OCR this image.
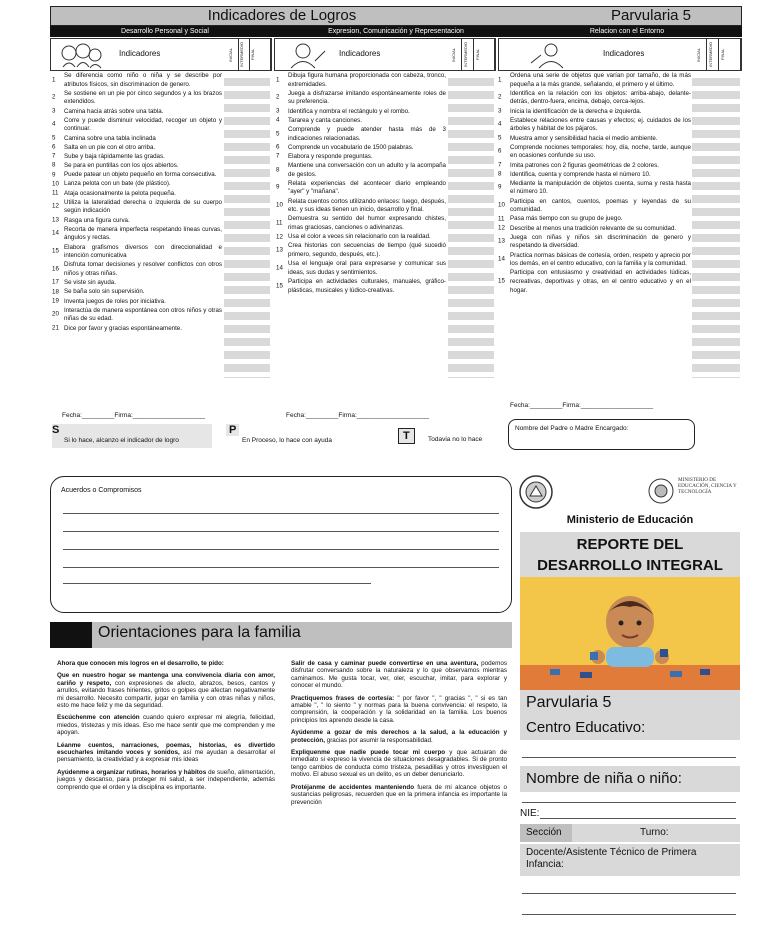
Indicadores de Logros	Parvularia 5
Desarrollo Personal y Social	Expresion, Comunicación y Representacion	Relacion con el Entorno
Indicadores	INICIAL	INTERMEDIO	FINAL	Indicadores	INICIAL	INTERMEDIO	FINAL	Indicadores	INICIAL	INTERMEDIO	FINAL
1
Se diferencia como niño o niña y se describe por atributos físicos, sin discriminacion de genero.
2
Se sostiene en un pie por cinco segundos y a los brazos extendidos.
3 Camina hacia atrás sobre una tabla.
4
Corre y puede disminuir velocidad, recoger un objeto y continuar.
5 Camina sobre una tabla inclinada
6 Salta en un pie con el otro arriba.
7 Sube y baja rápidamente las gradas.
8 Se para en puntillas con los ojos abiertos.
9 Puede patear un objeto pequeño en forma consecutiva.
10 Lanza pelota con un bate (de plástico).
11 Ataja ocasionalmente la pelota pequeña.
12
Utiliza la lateralidad derecha o izquierda de su cuerpo según indicación
13 Rasga una figura curva.
14
Recorta de manera imperfecta respetando líneas curvas, ángulos y rectas.
15
Elabora grafismos diversos con direccionalidad e intención comunicativa
16
Disfruta tomar decisiones y resolver conflictos con otros niños y otras niñas.
17 Se viste sin ayuda.
18 Se baña solo sin supervisión.
19 Inventa juegos de roles por iniciativa.
20
Interactúa de manera espontánea con otros niños y otras niñas de su edad.
21 Dice por favor y gracias espontáneamente.
1
Dibuja figura humana proporcionada con cabeza, tronco, extremidades.
2
Juega a disfrazarse imitando espontáneamente roles de su preferencia.
3 Identifica y nombra el rectángulo y el rombo.
4 Tararea y canta canciones.
5
Comprende y puede atender hasta más de 3 indicaciones relacionadas.
6 Comprende un vocabulario de 1500 palabras.
7 Elabora y responde preguntas.
8
Mantiene una conversación con un adulto y la acompaña de gestos.
9
Relata experiencias del acontecer diario empleando "ayer" y "mañana".
10
Relata cuentos cortos utilizando enlaces: luego, después, etc. y sus ideas tienen un inicio, desarrollo y final.
11
Demuestra su sentido del humor expresando chistes, rimas graciosas, canciones o adivinanzas.
12 Usa el color a veces sin relacionarlo con la realidad.
13
Crea historias con secuencias de tiempo (qué sucedió primero, segundo, después, etc.).
14
Usa el lenguaje oral para expresarse y comunicar sus ideas, sus dudas y sentimientos.
15
Participa en actividades culturales, manuales, gráfico-plásticas, musicales y lúdico-creativas.
1
Ordena una serie de objetos que varían por tamaño, de la más pequeña a la más grande, señalando, el primero y el último.
2
Identifica en la relación con los objetos: arriba-abajo, delante-detrás, dentro-fuera, encima, debajo, cerca-lejos.
3 Inicia la identificación de la derecha e izquierda.
4
Establece relaciones entre causas y efectos; ej. cuidados de los árboles y hábitat de los pájaros.
5 Muestra amor y sensibilidad hacia el medio ambiente.
6
Comprende nociones temporales: hoy, día, noche, tarde, aunque en ocasiones confunde su uso.
7 Imita patrones con 2 figuras geométricas de 2 colores.
8 Identifica, cuenta y comprende hasta el número 10.
9
Mediante la manipulación de objetos cuenta, suma y resta hasta el número 10.
10
Participa en cantos, cuentos, poemas y leyendas de su comunidad.
11 Pasa más tiempo con su grupo de juego.
12 Describe al menos una tradición relevante de su comunidad.
13
Juega con niñas y niños sin discriminación de genero y respetando la diversidad.
14
Practica normas básicas de cortesía, orden, respeto y aprecio por los demás, en el centro educativo, con la familia y la comunidad.
15
Participa con entusiasmo y creatividad en actividades lúdicas, recreativas, deportivas y otras, en el centro educativo y en el hogar.
Fecha:_________Firma:____________________	Fecha:_________Firma:____________________
Fecha:_________Firma:____________________
S
Si lo hace, alcanzo el indicador de logro
P
En Proceso, lo hace con ayuda	T	Todavia no lo hace
Nombre del Padre o Madre Encargado:
Acuerdos o Compromisos
Orientaciones para la familia
Ahora que conocen mis logros en el desarrollo, te pido:
Que en nuestro hogar se mantenga una convivencia diaria con amor, cariño y respeto, con expresiones de afecto, abrazos, besos, cantos y arrullos, evitando frases hirientes, gritos o golpes que afectan negativamente mi desarrollo. Necesito compartir, jugar en familia y con otras niñas y niños, esto me hace feliz y me da seguridad.
Escúchenme con atención cuando quiero expresar mi alegría, felicidad, miedos, tristezas y mis ideas. Eso me hace sentir que me comprenden y me apoyan.
Léanme cuentos, narraciones, poemas, historias, es divertido escucharles imitando voces y sonidos, así me ayudan a desarrollar el pensamiento, la creatividad y a expresar mis ideas
Ayúdenme a organizar rutinas, horarios y hábitos de sueño, alimentación, juegos y descanso, para proteger mi salud, a ser independiente, además comprendo que el orden y la disciplina es importante.
Salir de casa y caminar puede convertirse en una aventura, podemos disfrutar conversando sobre la naturaleza y lo que observamos mientras caminamos. Me gusta tocar, ver, oler, escuchar, imitar, para explorar y conocer el mundo.
Practiquemos frases de cortesía: " por favor ", " gracias ", " si es tan amable ", " lo siento " y normas para la buena convivencia: el respeto, la comprensión, la cooperación y la solidaridad en la familia. Los buenos principios los aprendo desde la casa.
Ayúdenme a gozar de mis derechos a la salud, a la educación y protección, gracias por asumir la responsabilidad.
Expliquenme que nadie puede tocar mi cuerpo y que actuaran de inmediato si expreso la vivencia de situaciones desagradables. Si de pronto tengo cambios de conducta como tristeza, pesadillas y otros investiguen el motivo. El abuso sexual es un delito, es un deber denunciarlo.
Protéjanme de accidentes manteniendo fuera de mi alcance objetos o sustancias peligrosas, recuerden que en la primera infancia es importante la prevención
MINISTERIO DE EDUCACIÓN, CIENCIA Y TECNOLOGÍA
Ministerio de Educación
REPORTE DEL
DESARROLLO INTEGRAL
Parvularia 5
Centro Educativo:
Nombre de niña o niño:
NIE:
Sección	Turno:
Docente/Asistente Técnico de Primera Infancia:
